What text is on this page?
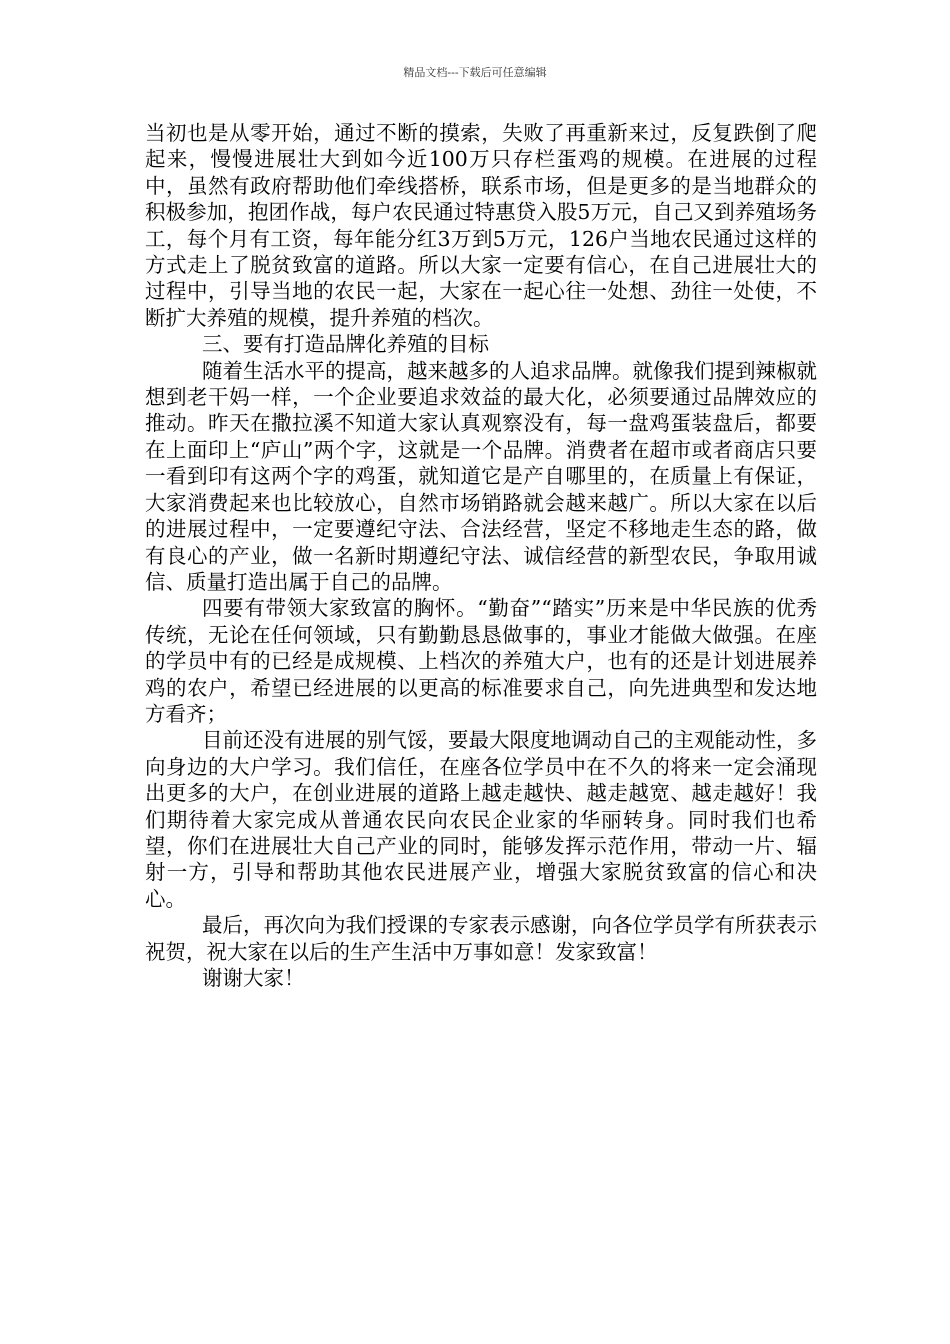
精品文档---下载后可任意编辑

当初也是从零开始，通过不断的摸索，失败了再重新来过，反复跌倒了爬起来，慢慢进展壮大到如今近100万只存栏蛋鸡的规模。在进展的过程中，虽然有政府帮助他们牵线搭桥，联系市场，但是更多的是当地群众的积极参加，抱团作战，每户农民通过特惠贷入股5万元，自己又到养殖场务工，每个月有工资，每年能分红3万到5万元，126户当地农民通过这样的方式走上了脱贫致富的道路。所以大家一定要有信心，在自己进展壮大的过程中，引导当地的农民一起，大家在一起心往一处想、劲往一处使，不断扩大养殖的规模，提升养殖的档次。

三、要有打造品牌化养殖的目标

随着生活水平的提高，越来越多的人追求品牌。就像我们提到辣椒就想到老干妈一样，一个企业要追求效益的最大化，必须要通过品牌效应的推动。昨天在撒拉溪不知道大家认真观察没有，每一盘鸡蛋装盘后，都要在上面印上“庐山”两个字，这就是一个品牌。消费者在超市或者商店只要一看到印有这两个字的鸡蛋，就知道它是产自哪里的，在质量上有保证，大家消费起来也比较放心，自然市场销路就会越来越广。所以大家在以后的进展过程中，一定要遵纪守法、合法经营，坚定不移地走生态的路，做有良心的产业，做一名新时期遵纪守法、诚信经营的新型农民，争取用诚信、质量打造出属于自己的品牌。

四要有带领大家致富的胸怀。“勤奋”“踏实”历来是中华民族的优秀传统，无论在任何领域，只有勤勤恳恳做事的，事业才能做大做强。在座的学员中有的已经是成规模、上档次的养殖大户，也有的还是计划进展养鸡的农户，希望已经进展的以更高的标准要求自己，向先进典型和发达地方看齐；

目前还没有进展的别气馁，要最大限度地调动自己的主观能动性，多向身边的大户学习。我们信任，在座各位学员中在不久的将来一定会涌现出更多的大户，在创业进展的道路上越走越快、越走越宽、越走越好！我们期待着大家完成从普通农民向农民企业家的华丽转身。同时我们也希望，你们在进展壮大自己产业的同时，能够发挥示范作用，带动一片、辐射一方，引导和帮助其他农民进展产业，增强大家脱贫致富的信心和决心。

最后，再次向为我们授课的专家表示感谢，向各位学员学有所获表示祝贺，祝大家在以后的生产生活中万事如意！发家致富！

谢谢大家！
